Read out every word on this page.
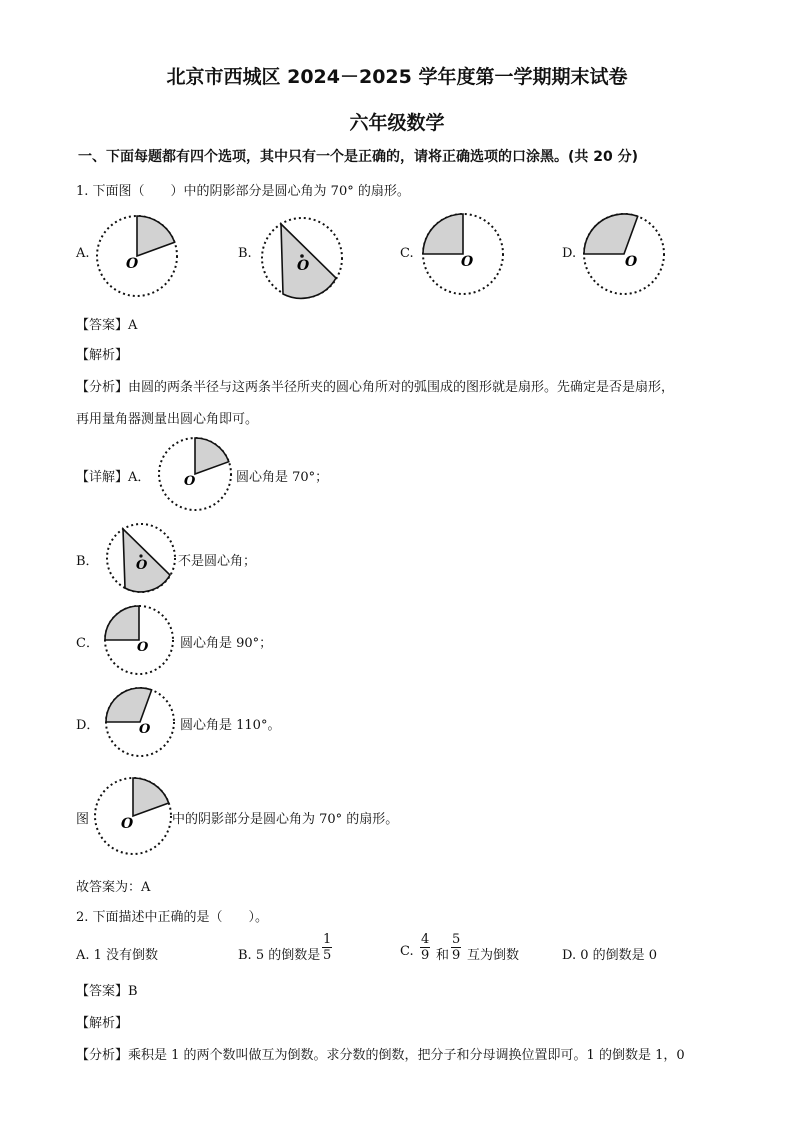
北京市西城区 2024－2025 学年度第一学期期末试卷
六年级数学
一、下面每题都有四个选项，其中只有一个是正确的，请将正确选项的口涂黑。(共 20 分)
1. 下面图（　　）中的阴影部分是圆心角为 70° 的扇形。
A.
O
B.
O
C.
O
D.
O
【答案】A
【解析】
【分析】由圆的两条半径与这两条半径所夹的圆心角所对的弧围成的图形就是扇形。先确定是否是扇形，
再用量角器测量出圆心角即可。
【详解】A．	O	圆心角是 70°；
B．	O 不是圆心角；
C．	O 圆心角是 90°；
D．	O 圆心角是 110°。
图 O	中的阴影部分是圆心角为 70° 的扇形。
故答案为：A
2. 下面描述中正确的是（　　）。
A. 1 没有倒数	B. 5 的倒数是 $\frac{1}{5}$	C. $\frac{4}{9}$ 和 $\frac{5}{9}$ 互为倒数	D. 0 的倒数是 0
【答案】B
【解析】
【分析】乘积是 1 的两个数叫做互为倒数。求分数的倒数，把分子和分母调换位置即可。1 的倒数是 1，0
